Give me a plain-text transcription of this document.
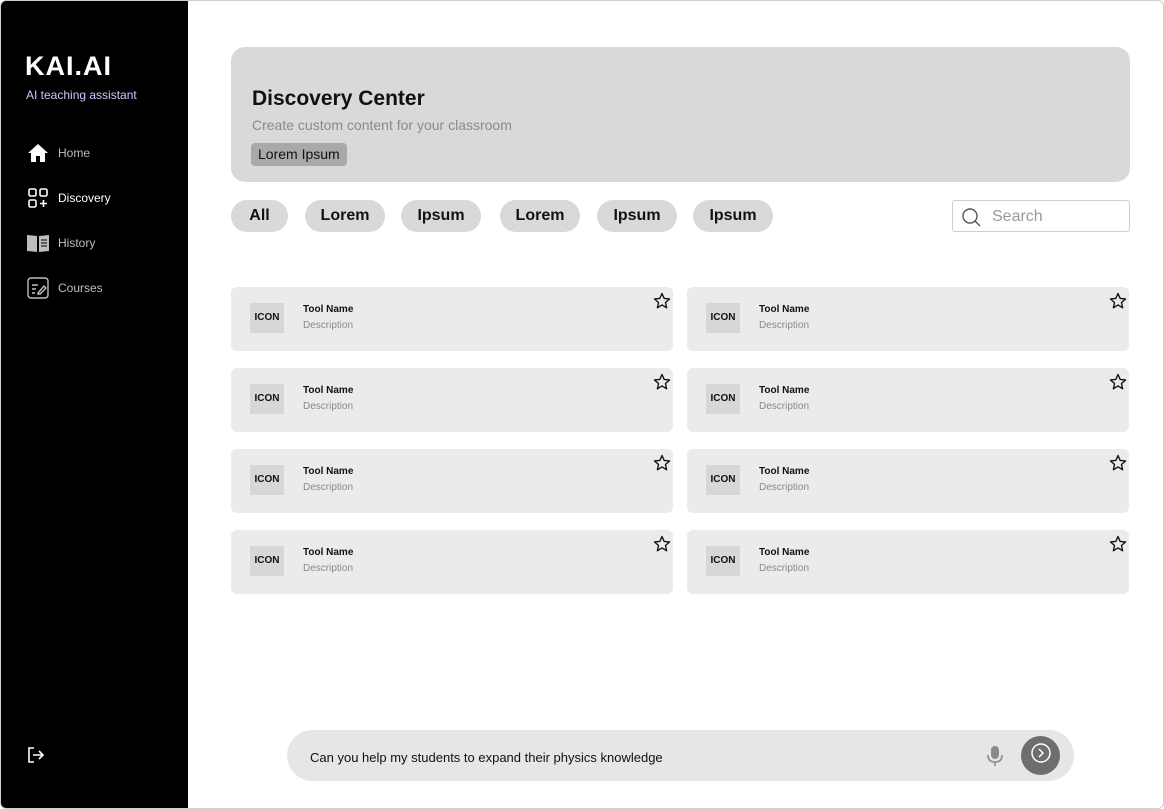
KAI.AI
AI teaching assistant
Home
Discovery
History
Courses
Discovery Center
Create custom content for your classroom
Lorem Ipsum
All	Lorem	Ipsum	Lorem	Ipsum	Ipsum
Search
ICON
Tool Name
Description
ICON
Tool Name
Description
ICON
Tool Name
Description
ICON
Tool Name
Description
ICON
Tool Name
Description
ICON
Tool Name
Description
ICON
Tool Name
Description
ICON
Tool Name
Description
Can you help my students to expand their physics knowledge
